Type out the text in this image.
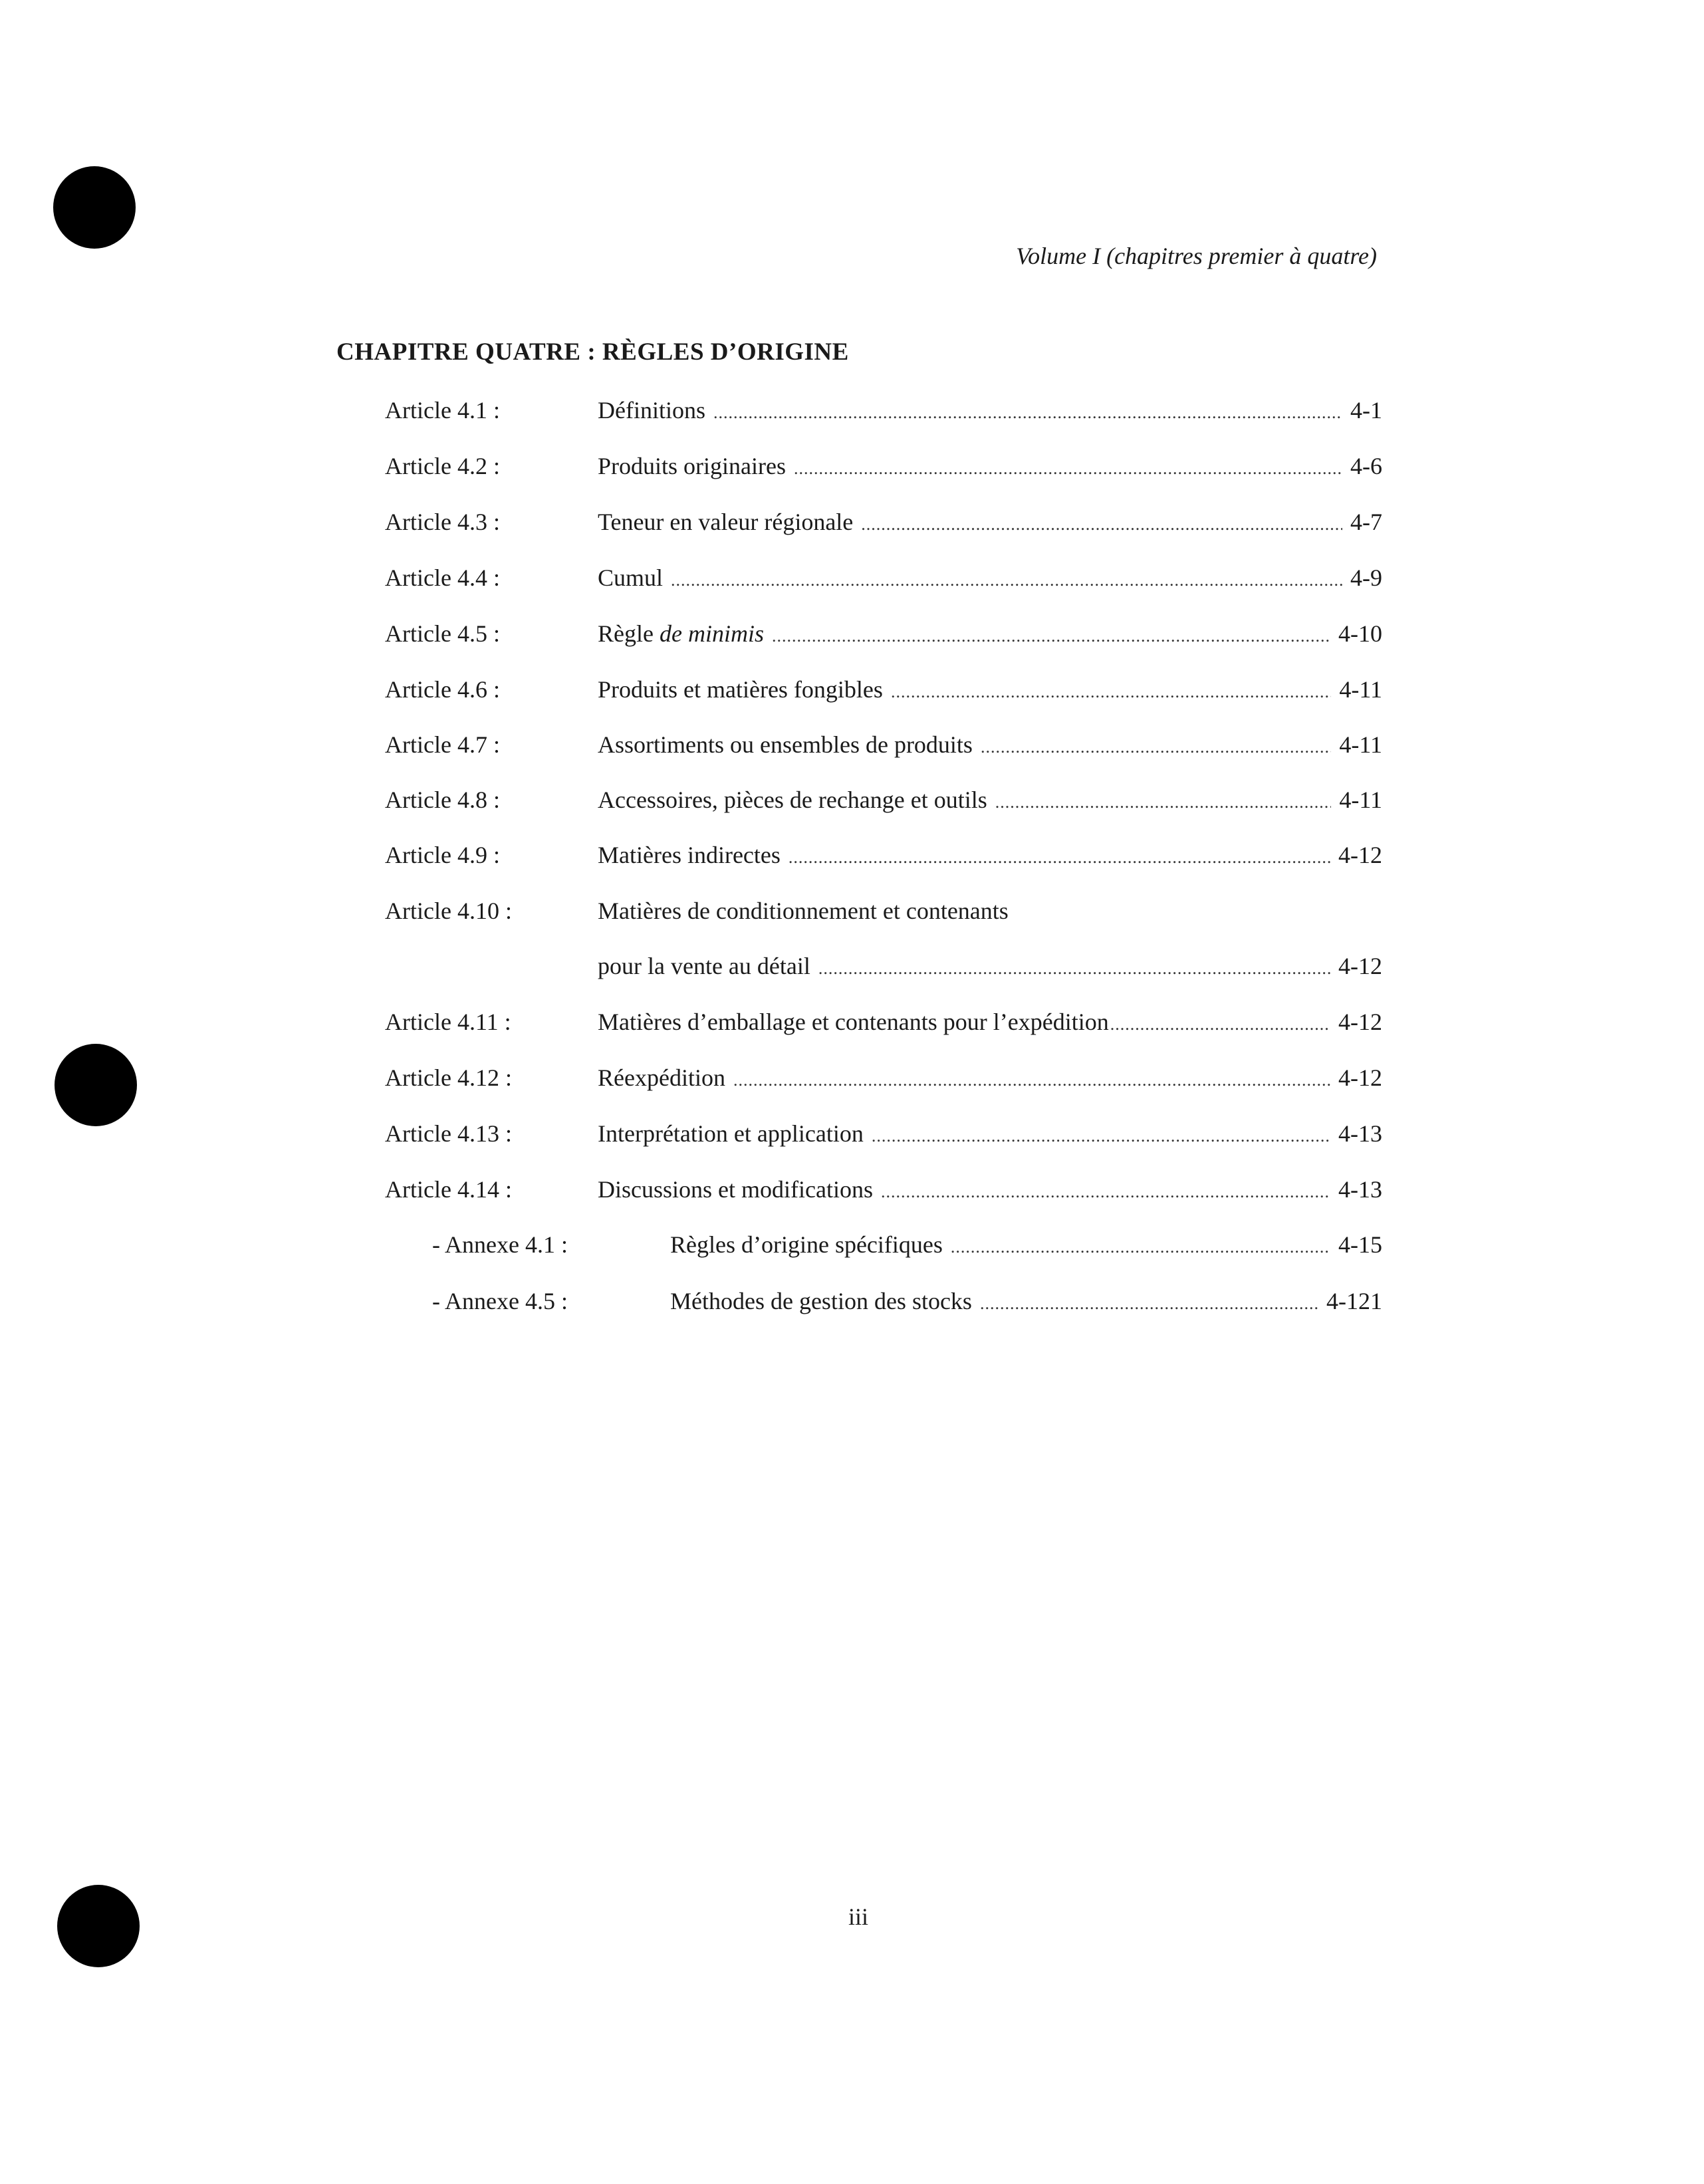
Volume I (chapitres premier à quatre)
CHAPITRE QUATRE : RÈGLES D’ORIGINE
Article 4.1 :	Définitions .....	4-1
Article 4.2 :	Produits originaires .....	4-6
Article 4.3 :	Teneur en valeur régionale .....	4-7
Article 4.4 :	Cumul .....	4-9
Article 4.5 :	Règle de minimis .....	4-10
Article 4.6 :	Produits et matières fongibles .....	4-11
Article 4.7 :	Assortiments ou ensembles de produits .....	4-11
Article 4.8 :	Accessoires, pièces de rechange et outils .....	4-11
Article 4.9 :	Matières indirectes .....	4-12
Article 4.10 :	Matières de conditionnement et contenants
pour la vente au détail .....	4-12
Article 4.11 :	Matières d’emballage et contenants pour l’expédition .....	4-12
Article 4.12 :	Réexpédition .....	4-12
Article 4.13 :	Interprétation et application .....	4-13
Article 4.14 :	Discussions et modifications .....	4-13
- Annexe 4.1 :	Règles d’origine spécifiques .....	4-15
- Annexe 4.5 :	Méthodes de gestion des stocks .....	4-121
iii
